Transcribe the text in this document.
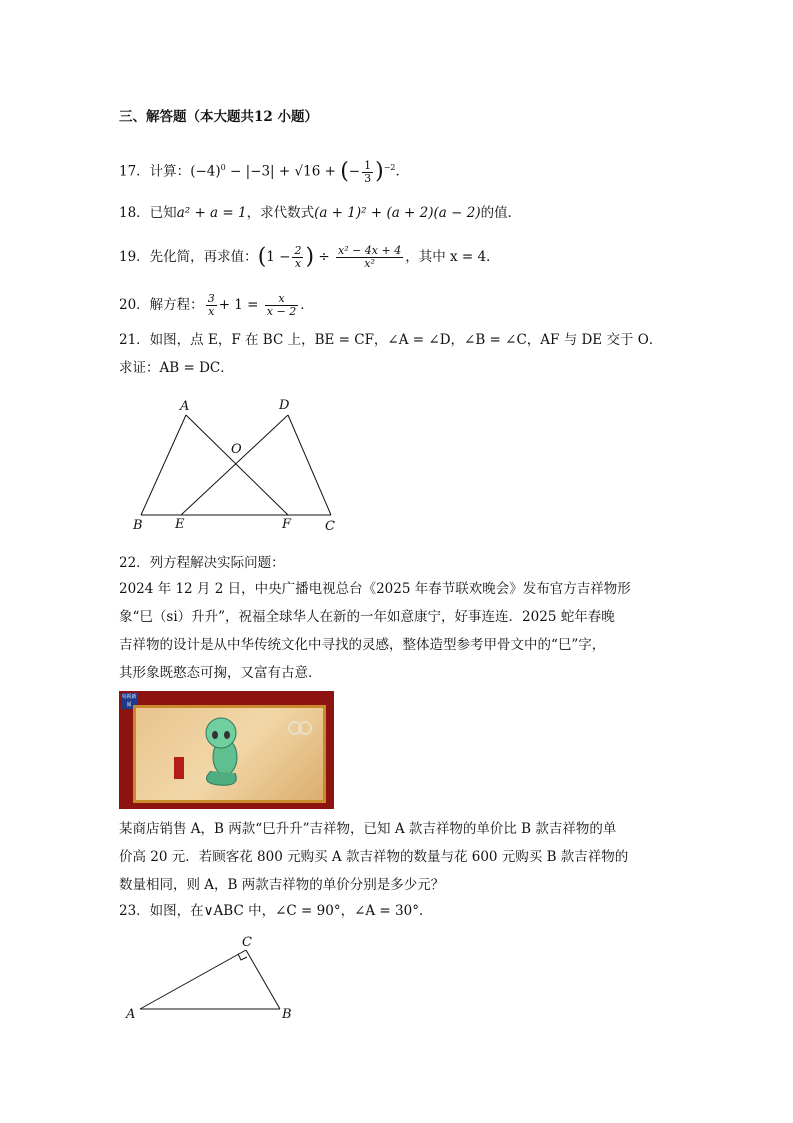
三、解答题（本大题共12 小题）
17．计算：$(-4)^0 - |-3| + √16$ + (− $\frac{1}{3} )^{-2}$．
18．已知a² + a = 1，求代数式(a + 1)² + (a + 2)(a − 2)的值．
19．先化简，再求值：($1 - \frac{2}{x}$ ) ÷ $\frac{\text{x² − 4x + 4}}{\text{x²}}$ ，其中 x = 4．
20．解方程： $\frac{3}{x} + 1 = \frac{x}{x - 2}$ ．
21．如图，点 E，F 在 BC 上，BE = CF，∠A = ∠D，∠B = ∠C，AF 与 DE 交于 O．
求证：AB = DC．
A	D
O
B E	F	C
22．列方程解决实际问题：
2024 年 12 月 2 日，中央广播电视总台《2025 年春节联欢晚会》发布官方吉祥物形
象“巳（si）升升”，祝福全球华人在新的一年如意康宁，好事连连．2025 蛇年春晚
吉祥物的设计是从中华传统文化中寻找的灵感，整体造型参考甲骨文中的“巳”字，
其形象既憨态可掬，又富有古意．
央视新闻
某商店销售 A，B 两款“巳升升”吉祥物，已知 A 款吉祥物的单价比 B 款吉祥物的单
价高 20 元．若顾客花 800 元购买 A 款吉祥物的数量与花 600 元购买 B 款吉祥物的
数量相同，则 A，B 两款吉祥物的单价分别是多少元？
23．如图，在∨ABC 中，∠C = 90°，∠A = 30°．
A	B
C
